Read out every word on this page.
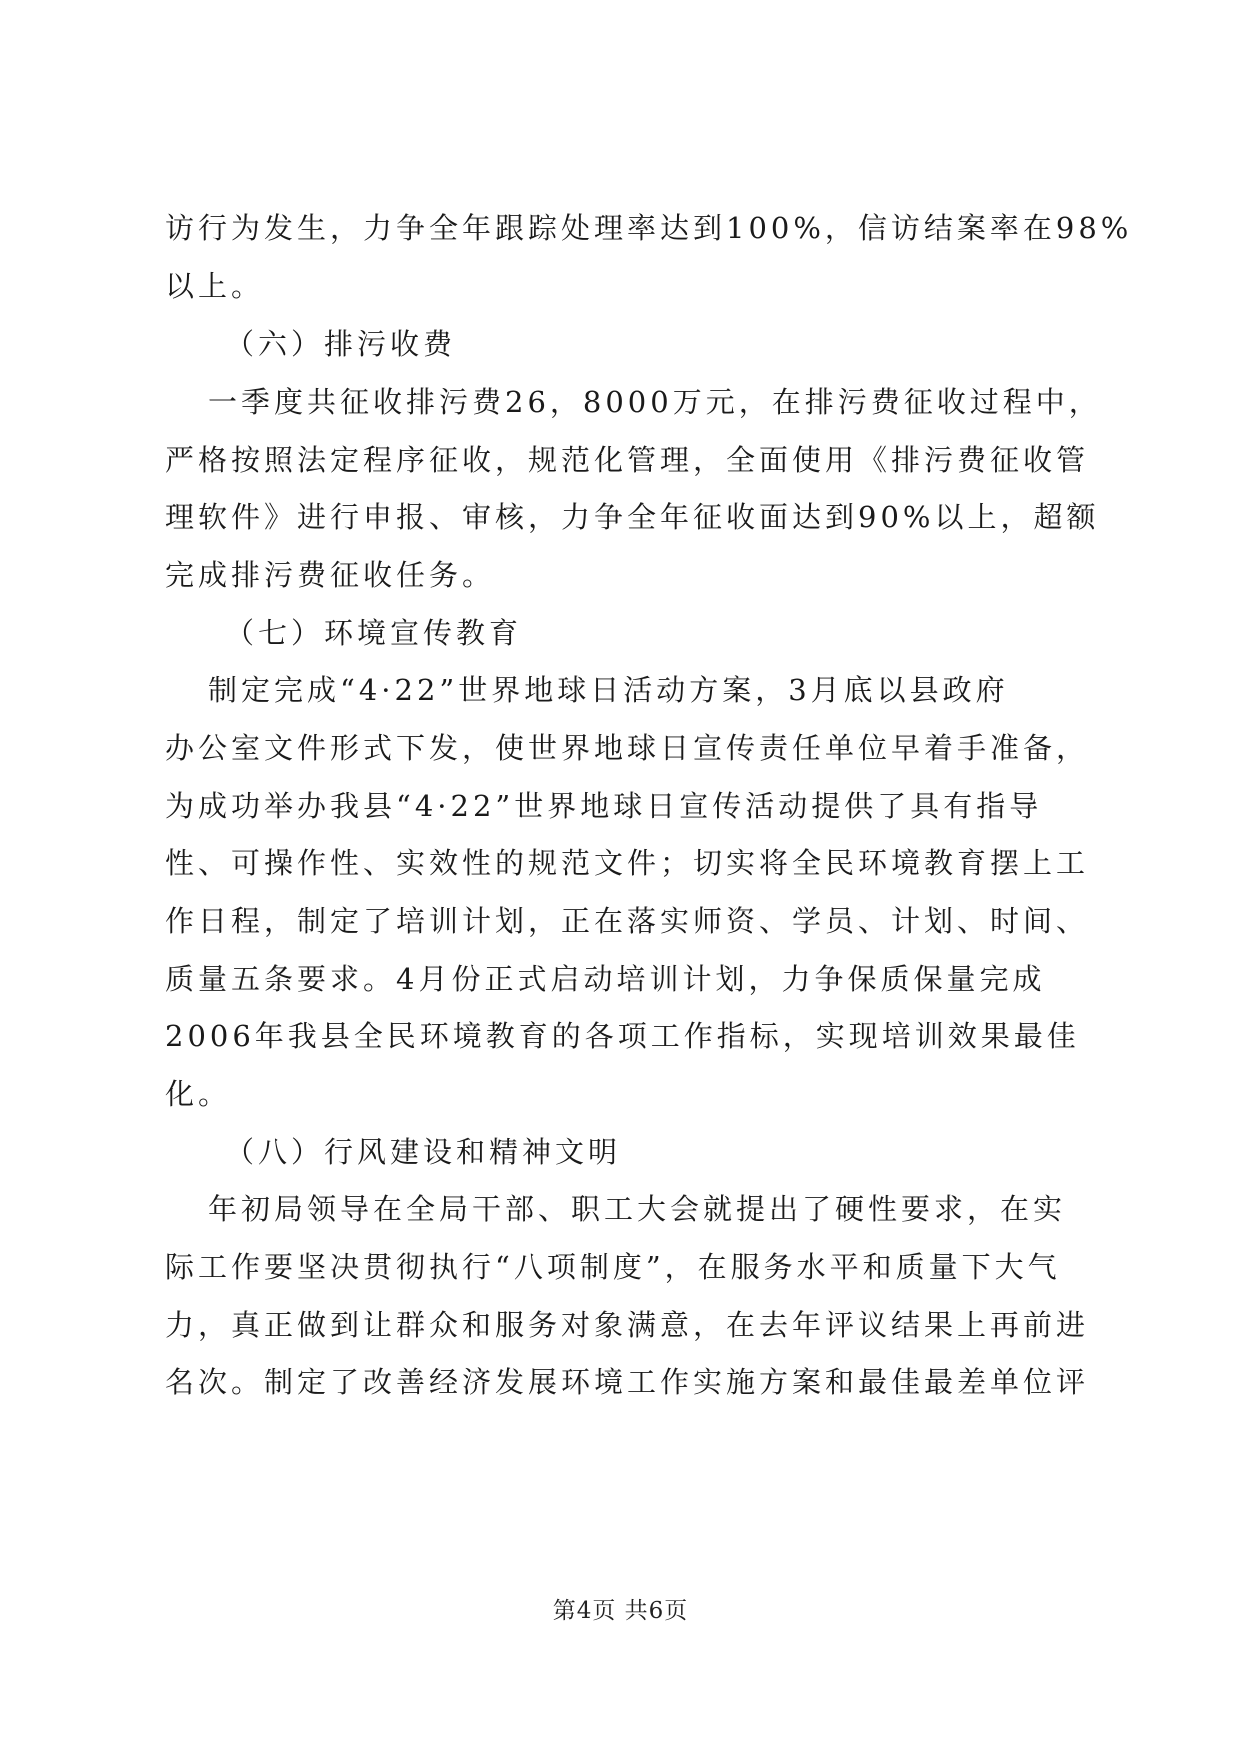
访行为发生，力争全年跟踪处理率达到100%，信访结案率在98%
以上。
（六）排污收费
一季度共征收排污费26，8000万元，在排污费征收过程中，
严格按照法定程序征收，规范化管理，全面使用《排污费征收管
理软件》进行申报、审核，力争全年征收面达到90%以上，超额
完成排污费征收任务。
（七）环境宣传教育
制定完成“4·22”世界地球日活动方案，3月底以县政府
办公室文件形式下发，使世界地球日宣传责任单位早着手准备，
为成功举办我县“4·22”世界地球日宣传活动提供了具有指导
性、可操作性、实效性的规范文件；切实将全民环境教育摆上工
作日程，制定了培训计划，正在落实师资、学员、计划、时间、
质量五条要求。4月份正式启动培训计划，力争保质保量完成
2006年我县全民环境教育的各项工作指标，实现培训效果最佳
化。
（八）行风建设和精神文明
年初局领导在全局干部、职工大会就提出了硬性要求，在实
际工作要坚决贯彻执行“八项制度”，在服务水平和质量下大气
力，真正做到让群众和服务对象满意，在去年评议结果上再前进
名次。制定了改善经济发展环境工作实施方案和最佳最差单位评
第4页 共6页
